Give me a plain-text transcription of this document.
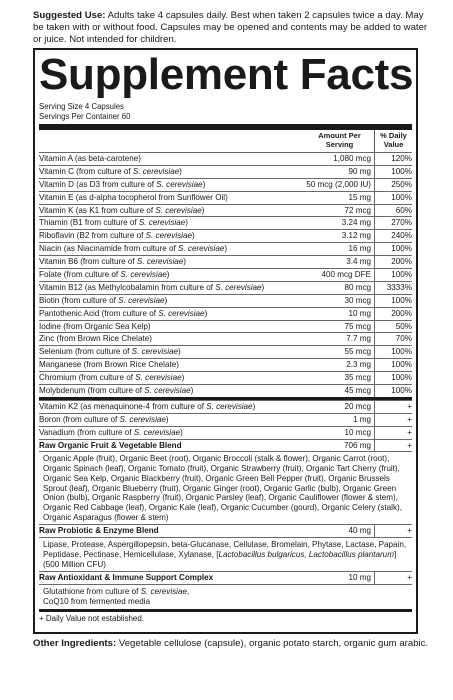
Suggested Use: Adults take 4 capsules daily. Best when taken 2 capsules twice a day. May be taken with or without food. Capsules may be opened and contents may be added to water or juice. Not intended for children.
Supplement Facts
Serving Size 4 Capsules
Servings Per Container 60
Amount Per Serving
% Daily Value
Vitamin A (as beta-carotene)	1,080 mcg	120%
Vitamin C (from culture of S. cerevisiae)	90 mg	100%
Vitamin D (as D3 from culture of S. cerevisiae)	50 mcg (2,000 IU)	250%
Vitamin E (as d-alpha tocopherol from Sunflower Oil)	15 mg	100%
Vitamin K (as K1 from culture of S. cerevisiae)	72 mcg	60%
Thiamin (B1 from culture of S. cerevisiae)	3.24 mg	270%
Riboflavin (B2 from culture of S. cerevisiae)	3.12 mg	240%
Niacin (as Niacinamide from culture of S. cerevisiae)	16 mg	100%
Vitamin B6 (from culture of S. cerevisiae)	3.4 mg	200%
Folate (from culture of S. cerevisiae)	400 mcg DFE	100%
Vitamin B12 (as Methylcobalamin from culture of S. cerevisiae)	80 mcg	3333%
Biotin (from culture of S. cerevisiae)	30 mcg	100%
Pantothenic Acid (from culture of S. cerevisiae)	10 mg	200%
Iodine (from Organic Sea Kelp)	75 mcg	50%
Zinc (from Brown Rice Chelate)	7.7 mg	70%
Selenium (from culture of S. cerevisiae)	55 mcg	100%
Manganese (from Brown Rice Chelate)	2.3 mg	100%
Chromium (from culture of S. cerevisiae)	35 mcg	100%
Molybdenum (from culture of S. cerevisiae)	45 mcg	100%
Vitamin K2 (as menaquinone-4 from culture of S. cerevisiae)	20 mcg	+
Boron (from culture of S. cerevisiae)	1 mg	+
Vanadium (from culture of S. cerevisiae)	10 mcg	+
Raw Organic Fruit & Vegetable Blend	706 mg	+
Organic Apple (fruit), Organic Beet (root), Organic Broccoli (stalk & flower), Organic Carrot (root), Organic Spinach (leaf), Organic Tomato (fruit), Organic Strawberry (fruit), Organic Tart Cherry (fruit), Organic Sea Kelp, Organic Blackberry (fruit), Organic Green Bell Pepper (fruit), Organic Brussels Sprout (leaf), Organic Blueberry (fruit), Organic Ginger (root), Organic Garlic (bulb), Organic Green Onion (bulb), Organic Raspberry (fruit), Organic Parsley (leaf), Organic Cauliflower (flower & stem), Organic Red Cabbage (leaf), Organic Kale (leaf), Organic Cucumber (gourd), Organic Celery (stalk), Organic Asparagus (flower & stem)
Raw Probiotic & Enzyme Blend	40 mg	+
Lipase, Protease, Aspergillopepsin, beta-Glucanase, Cellulase, Bromelain, Phytase, Lactase, Papain, Peptidase, Pectinase, Hemicellulase, Xylanase, [Lactobacillus bulgaricus, Lactobacillus plantarum] (500 Million CFU)
Raw Antioxidant & Immune Support Complex	10 mg	+
Glutathione from culture of S. cerevisiae,
CoQ10 from fermented media
+ Daily Value not established.
Other Ingredients: Vegetable cellulose (capsule), organic potato starch, organic gum arabic.
